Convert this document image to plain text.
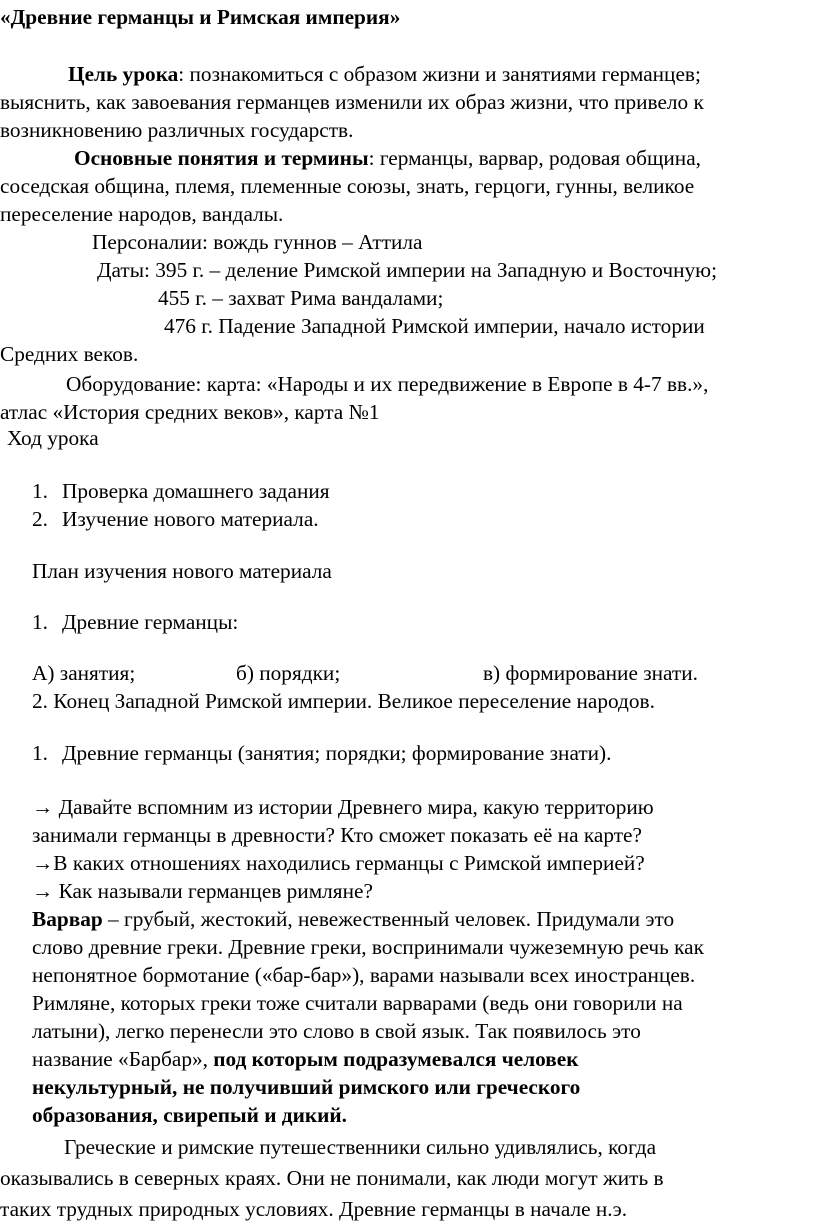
«Древние германцы и Римская империя»
Цель урока: познакомиться с образом жизни и занятиями германцев;
выяснить, как завоевания германцев изменили их образ жизни, что привело к
возникновению различных государств.
Основные понятия и термины: германцы, варвар, родовая община,
соседская община, племя, племенные союзы, знать, герцоги, гунны, великое
переселение народов, вандалы.
Персоналии: вождь гуннов – Аттила
Даты: 395 г. – деление Римской империи на Западную и Восточную;
455 г. – захват Рима вандалами;
476 г. Падение Западной Римской империи, начало истории
Средних веков.
Оборудование: карта: «Народы и их передвижение в Европе в 4-7 вв.»,
атлас «История средних веков», карта №1
Ход урока
1. Проверка домашнего задания
2. Изучение нового материала.
План изучения нового материала
1. Древние германцы:
А) занятия;	б) порядки;	в) формирование знати.
2. Конец Западной Римской империи. Великое переселение народов.
1. Древние германцы (занятия; порядки; формирование знати).
→ Давайте вспомним из истории Древнего мира, какую территорию
занимали германцы в древности? Кто сможет показать её на карте?
→В каких отношениях находились германцы с Римской империей?
→ Как называли германцев римляне?
Варвар – грубый, жестокий, невежественный человек. Придумали это
слово древние греки. Древние греки, воспринимали чужеземную речь как
непонятное бормотание («бар-бар»), варами называли всех иностранцев.
Римляне, которых греки тоже считали варварами (ведь они говорили на
латыни), легко перенесли это слово в свой язык. Так появилось это
название «Барбар», под которым подразумевался человек
некультурный, не получивший римского или греческого
образования, свирепый и дикий.
Греческие и римские путешественники сильно удивлялись, когда
оказывались в северных краях. Они не понимали, как люди могут жить в
таких трудных природных условиях. Древние германцы в начале н.э.
